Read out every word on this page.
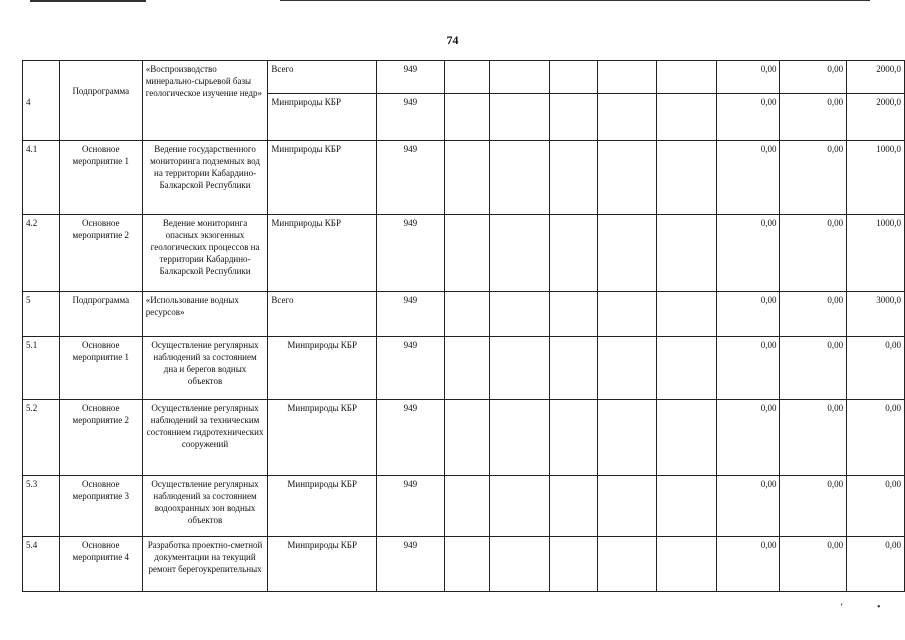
74
4	Подпрограмма	«Воспроизводство минерально-сырьевой базы геологическое изучение недр»	Всего	949						0,00	0,00	2000,0
			Минприроды КБР	949						0,00	0,00	2000,0
4.1	Основное мероприятие 1	Ведение государственного мониторинга подземных вод на территории Кабардино-Балкарской Республики	Минприроды КБР	949						0,00	0,00	1000,0
4.2	Основное мероприятие 2	Ведение мониторинга опасных экзогенных геологических процессов на территории Кабардино-Балкарской Республики	Минприроды КБР	949						0,00	0,00	1000,0
5	Подпрограмма	«Использование водных ресурсов»	Всего	949						0,00	0,00	3000,0
5.1	Основное мероприятие 1	Осуществление регулярных наблюдений за состоянием дна и берегов водных объектов	Минприроды КБР	949						0,00	0,00	0,00
5.2	Основное мероприятие 2	Осуществление регулярных наблюдений за техническим состоянием гидротехнических сооружений	Минприроды КБР	949						0,00	0,00	0,00
5.3	Основное мероприятие 3	Осуществление регулярных наблюдений за состоянием водоохранных зон водных объектов	Минприроды КБР	949						0,00	0,00	0,00
5.4	Основное мероприятие 4	Разработка проектно-сметной документации на текущий ремонт берегоукрепительных	Минприроды КБР	949						0,00	0,00	0,00
‘	•
